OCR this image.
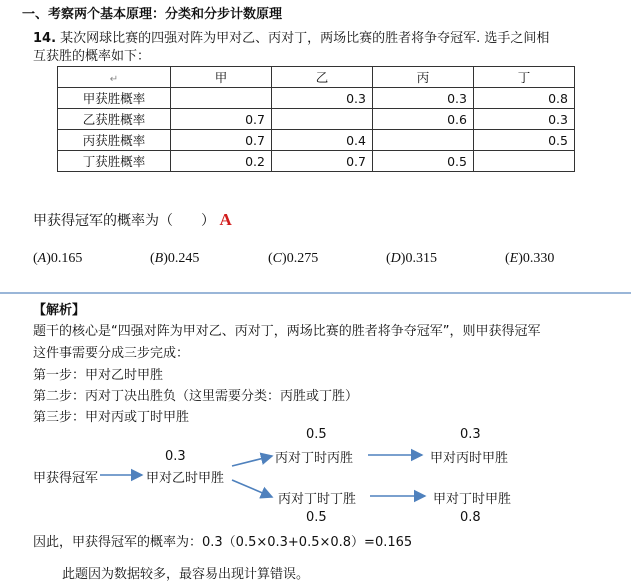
一、考察两个基本原理：分类和分步计数原理
14. 某次网球比赛的四强对阵为甲对乙、丙对丁，两场比赛的胜者将争夺冠军. 选手之间相
互获胜的概率如下：
↵	甲	乙	丙	丁
甲获胜概率		0.3	0.3	0.8
乙获胜概率	0.7		0.6	0.3
丙获胜概率	0.7	0.4		0.5
丁获胜概率	0.2	0.7	0.5	
甲获得冠军的概率为（　　） A
(A)0.165	(B)0.245	(C)0.275	(D)0.315	(E)0.330
【解析】
题干的核心是“四强对阵为甲对乙、丙对丁，两场比赛的胜者将争夺冠军”，则甲获得冠军
这件事需要分成三步完成：
第一步：甲对乙时甲胜
第二步：丙对丁决出胜负（这里需要分类：丙胜或丁胜）
第三步：甲对丙或丁时甲胜
0.5	0.3
0.3	丙对丁时丙胜	甲对丙时甲胜
甲获得冠军	甲对乙时甲胜
丙对丁时丁胜	甲对丁时甲胜
0.5	0.8
因此，甲获得冠军的概率为：0.3（0.5×0.3+0.5×0.8）=0.165
此题因为数据较多，最容易出现计算错误。
